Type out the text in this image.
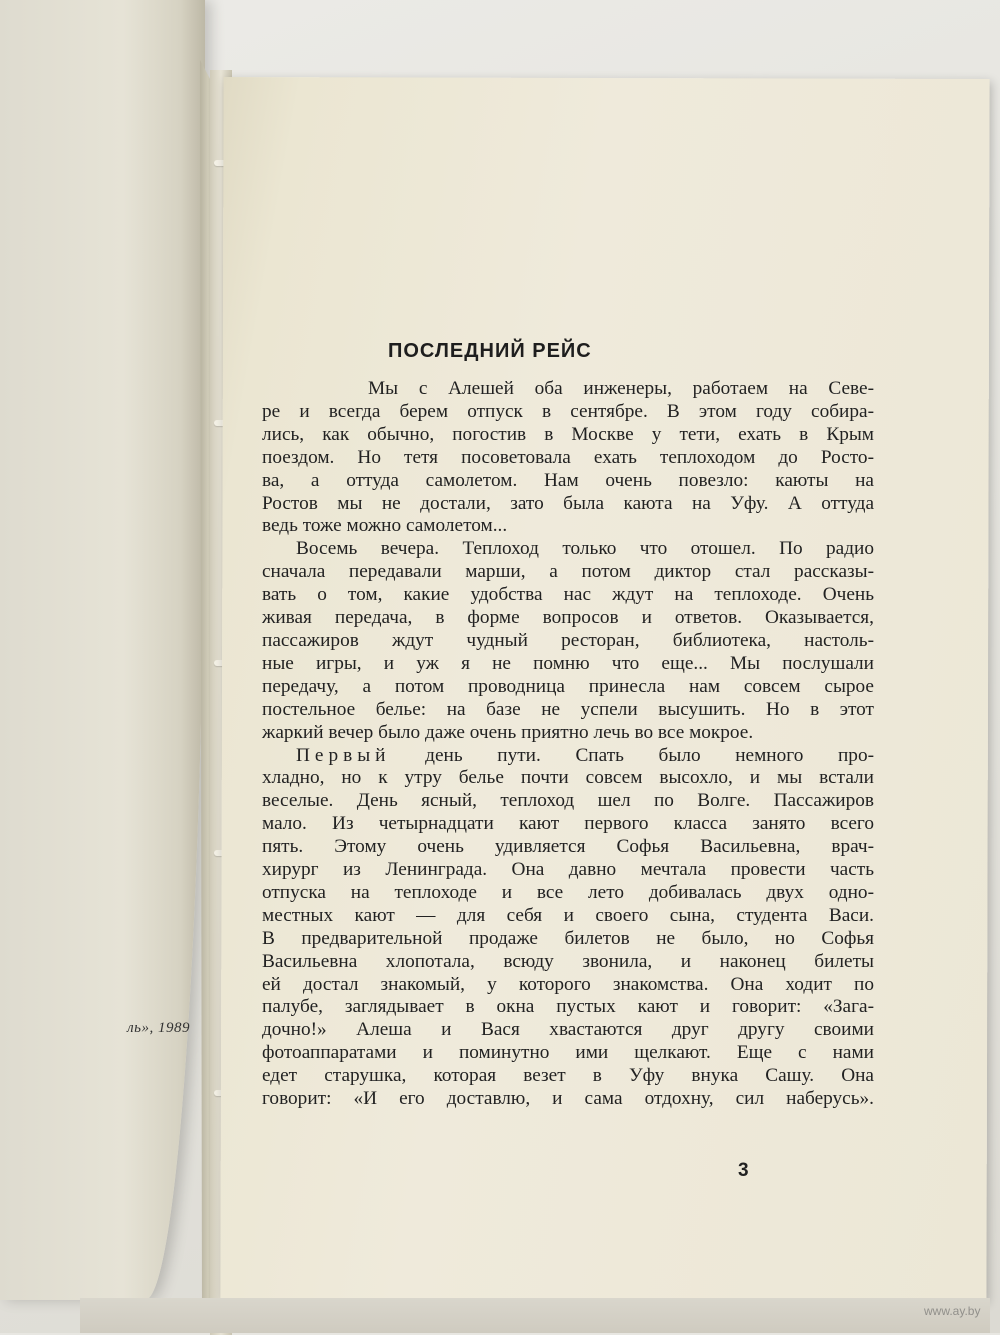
ль», 1989
ПОСЛЕДНИЙ РЕЙС
Мы с Алешей оба инженеры, работаем на Севе-
ре и всегда берем отпуск в сентябре. В этом году собира-
лись, как обычно, погостив в Москве у тети, ехать в Крым
поездом. Но тетя посоветовала ехать теплоходом до Росто-
ва, а оттуда самолетом. Нам очень повезло: каюты на
Ростов мы не достали, зато была каюта на Уфу. А оттуда
ведь тоже можно самолетом...
Восемь вечера. Теплоход только что отошел. По радио
сначала передавали марши, а потом диктор стал рассказы-
вать о том, какие удобства нас ждут на теплоходе. Очень
живая передача, в форме вопросов и ответов. Оказывается,
пассажиров ждут чудный ресторан, библиотека, настоль-
ные игры, и уж я не помню что еще... Мы послушали
передачу, а потом проводница принесла нам совсем сырое
постельное белье: на базе не успели высушить. Но в этот
жаркий вечер было даже очень приятно лечь во все мокрое.
Первый день пути. Спать было немного про-
хладно, но к утру белье почти совсем высохло, и мы встали
веселые. День ясный, теплоход шел по Волге. Пассажиров
мало. Из четырнадцати кают первого класса занято всего
пять. Этому очень удивляется Софья Васильевна, врач-
хирург из Ленинграда. Она давно мечтала провести часть
отпуска на теплоходе и все лето добивалась двух одно-
местных кают — для себя и своего сына, студента Васи.
В предварительной продаже билетов не было, но Софья
Васильевна хлопотала, всюду звонила, и наконец билеты
ей достал знакомый, у которого знакомства. Она ходит по
палубе, заглядывает в окна пустых кают и говорит: «Зага-
дочно!» Алеша и Вася хвастаются друг другу своими
фотоаппаратами и поминутно ими щелкают. Еще с нами
едет старушка, которая везет в Уфу внука Сашу. Она
говорит: «И его доставлю, и сама отдохну, сил наберусь».
3
www.ay.by
